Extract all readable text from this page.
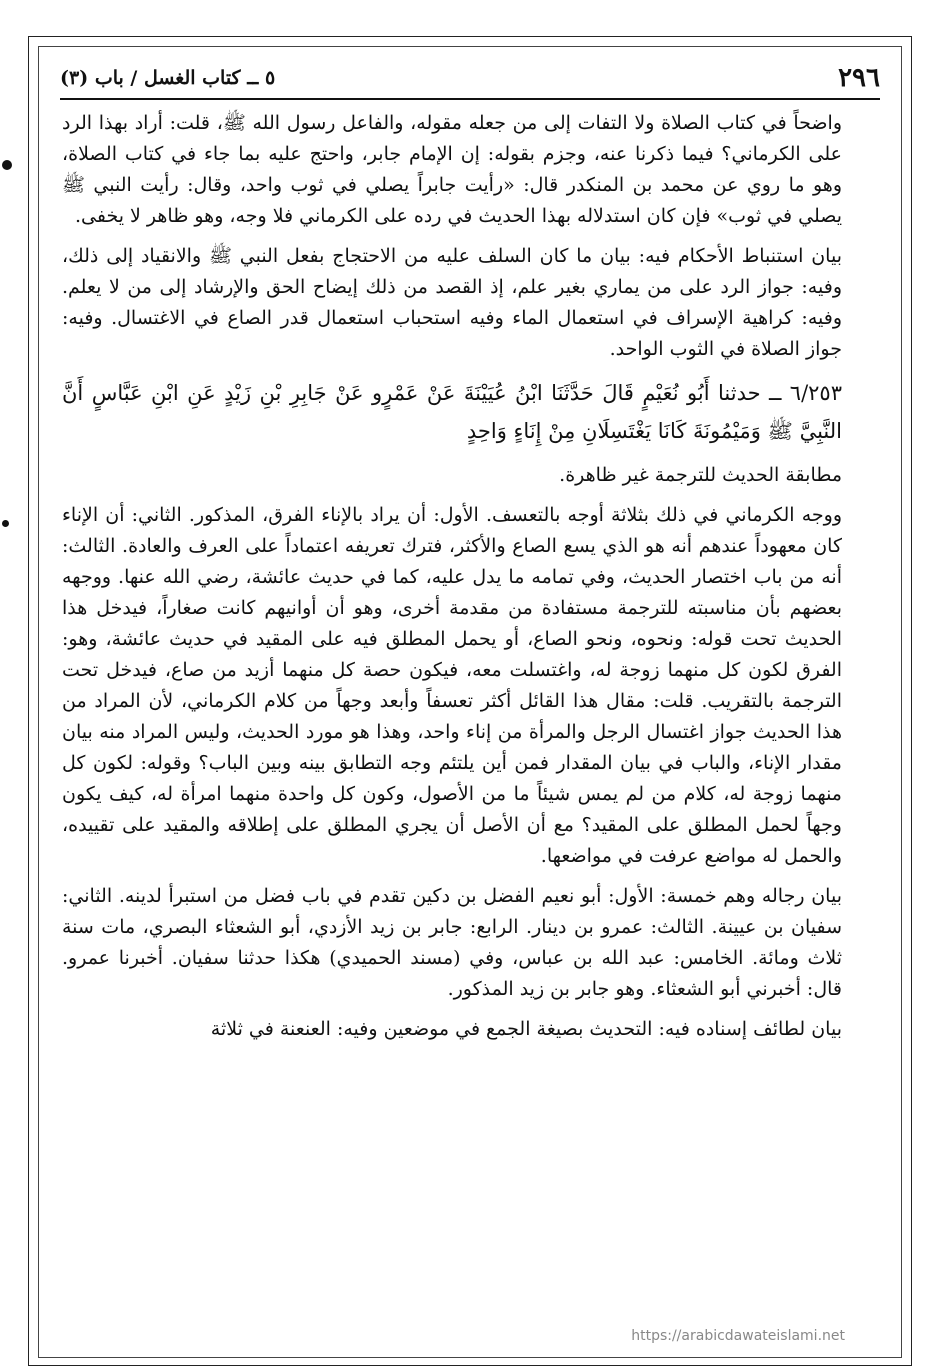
٢٩٦
٥ ــ كتاب الغسل / باب (٣)

واضحاً في كتاب الصلاة ولا التفات إلى من جعله مقوله، والفاعل رسول الله ﷺ، قلت: أراد بهذا الرد على الكرماني؟ فيما ذكرنا عنه، وجزم بقوله: إن الإمام جابر، واحتج عليه بما جاء في كتاب الصلاة، وهو ما روي عن محمد بن المنكدر قال: «رأيت جابراً يصلي في ثوب واحد، وقال: رأيت النبي ﷺ يصلي في ثوب» فإن كان استدلاله بهذا الحديث في رده على الكرماني فلا وجه، وهو ظاهر لا يخفى.

بيان استنباط الأحكام فيه: بيان ما كان السلف عليه من الاحتجاج بفعل النبي ﷺ والانقياد إلى ذلك، وفيه: جواز الرد على من يماري بغير علم، إذ القصد من ذلك إيضاح الحق والإرشاد إلى من لا يعلم. وفيه: كراهية الإسراف في استعمال الماء وفيه استحباب استعمال قدر الصاع في الاغتسال. وفيه: جواز الصلاة في الثوب الواحد.

٦/٢٥٣ ــ حدثنا أَبُو نُعَيْمٍ قَالَ حَدَّثَنَا ابْنُ عُيَيْنَةَ عَنْ عَمْرٍو عَنْ جَابِرِ بْنِ زَيْدٍ عَنِ ابْنِ عَبَّاسٍ أَنَّ النَّبِيَّ ﷺ وَمَيْمُونَةَ كَانَا يَغْتَسِلَانِ مِنْ إِنَاءٍ وَاحِدٍ

مطابقة الحديث للترجمة غير ظاهرة.

ووجه الكرماني في ذلك بثلاثة أوجه بالتعسف. الأول: أن يراد بالإناء الفرق، المذكور. الثاني: أن الإناء كان معهوداً عندهم أنه هو الذي يسع الصاع والأكثر، فترك تعريفه اعتماداً على العرف والعادة. الثالث: أنه من باب اختصار الحديث، وفي تمامه ما يدل عليه، كما في حديث عائشة، رضي الله عنها. ووجهه بعضهم بأن مناسبته للترجمة مستفادة من مقدمة أخرى، وهو أن أوانيهم كانت صغاراً، فيدخل هذا الحديث تحت قوله: ونحوه، ونحو الصاع، أو يحمل المطلق فيه على المقيد في حديث عائشة، وهو: الفرق لكون كل منهما زوجة له، واغتسلت معه، فيكون حصة كل منهما أزيد من صاع، فيدخل تحت الترجمة بالتقريب. قلت: مقال هذا القائل أكثر تعسفاً وأبعد وجهاً من كلام الكرماني، لأن المراد من هذا الحديث جواز اغتسال الرجل والمرأة من إناء واحد، وهذا هو مورد الحديث، وليس المراد منه بيان مقدار الإناء، والباب في بيان المقدار فمن أين يلتئم وجه التطابق بينه وبين الباب؟ وقوله: لكون كل منهما زوجة له، كلام من لم يمس شيئاً ما من الأصول، وكون كل واحدة منهما امرأة له، كيف يكون وجهاً لحمل المطلق على المقيد؟ مع أن الأصل أن يجري المطلق على إطلاقه والمقيد على تقييده، والحمل له مواضع عرفت في مواضعها.

بيان رجاله وهم خمسة: الأول: أبو نعيم الفضل بن دكين تقدم في باب فضل من استبرأ لدينه. الثاني: سفيان بن عيينة. الثالث: عمرو بن دينار. الرابع: جابر بن زيد الأزدي، أبو الشعثاء البصري، مات سنة ثلاث ومائة. الخامس: عبد الله بن عباس، وفي (مسند الحميدي) هكذا حدثنا سفيان. أخبرنا عمرو. قال: أخبرني أبو الشعثاء. وهو جابر بن زيد المذكور.

بيان لطائف إسناده فيه: التحديث بصيغة الجمع في موضعين وفيه: العنعنة في ثلاثة

https://arabicdawateislami.net
